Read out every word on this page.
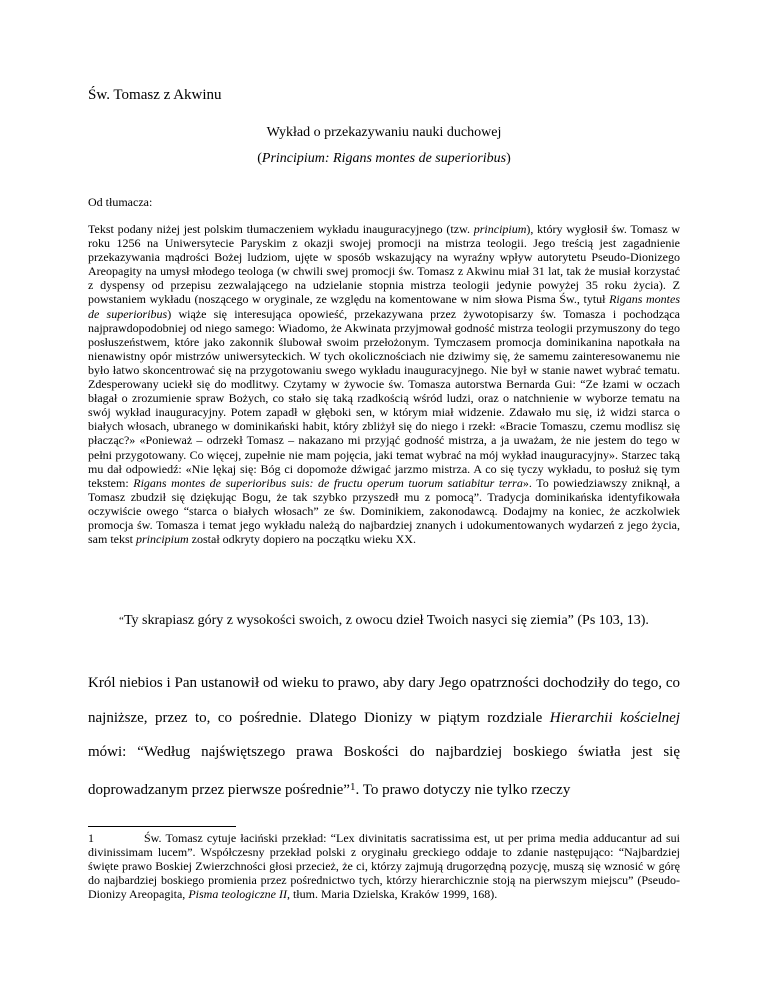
Św. Tomasz z Akwinu
Wykład o przekazywaniu nauki duchowej
(Principium: Rigans montes de superioribus)
Od tłumacza:
Tekst podany niżej jest polskim tłumaczeniem wykładu inauguracyjnego (tzw. principium), który wygłosił św. Tomasz w roku 1256 na Uniwersytecie Paryskim z okazji swojej promocji na mistrza teologii. Jego treścią jest zagadnienie przekazywania mądrości Bożej ludziom, ujęte w sposób wskazujący na wyraźny wpływ autorytetu Pseudo-Dionizego Areopagity na umysł młodego teologa (w chwili swej promocji św. Tomasz z Akwinu miał 31 lat, tak że musiał korzystać z dyspensy od przepisu zezwalającego na udzielanie stopnia mistrza teologii jedynie powyżej 35 roku życia). Z powstaniem wykładu (noszącego w oryginale, ze względu na komentowane w nim słowa Pisma Św., tytuł Rigans montes de superioribus) wiąże się interesująca opowieść, przekazywana przez żywotopisarzy św. Tomasza i pochodząca najprawdopodobniej od niego samego: Wiadomo, że Akwinata przyjmował godność mistrza teologii przymuszony do tego posłuszeństwem, które jako zakonnik ślubował swoim przełożonym. Tymczasem promocja dominikanina napotkała na nienawistny opór mistrzów uniwersyteckich. W tych okolicznościach nie dziwimy się, że samemu zainteresowanemu nie było łatwo skoncentrować się na przygotowaniu swego wykładu inauguracyjnego. Nie był w stanie nawet wybrać tematu. Zdesperowany uciekł się do modlitwy. Czytamy w żywocie św. Tomasza autorstwa Bernarda Gui: “Ze łzami w oczach błagał o zrozumienie spraw Bożych, co stało się taką rzadkością wśród ludzi, oraz o natchnienie w wyborze tematu na swój wykład inauguracyjny. Potem zapadł w głęboki sen, w którym miał widzenie. Zdawało mu się, iż widzi starca o białych włosach, ubranego w dominikański habit, który zbliżył się do niego i rzekł: «Bracie Tomaszu, czemu modlisz się płacząc?» «Ponieważ – odrzekł Tomasz – nakazano mi przyjąć godność mistrza, a ja uważam, że nie jestem do tego w pełni przygotowany. Co więcej, zupełnie nie mam pojęcia, jaki temat wybrać na mój wykład inauguracyjny». Starzec taką mu dał odpowiedź: «Nie lękaj się: Bóg ci dopomoże dźwigać jarzmo mistrza. A co się tyczy wykładu, to posłuż się tym tekstem: Rigans montes de superioribus suis: de fructu operum tuorum satiabitur terra». To powiedziawszy zniknął, a Tomasz zbudził się dziękując Bogu, że tak szybko przyszedł mu z pomocą”. Tradycja dominikańska identyfikowała oczywiście owego “starca o białych włosach” ze św. Dominikiem, zakonodawcą. Dodajmy na koniec, że aczkolwiek promocja św. Tomasza i temat jego wykładu należą do najbardziej znanych i udokumentowanych wydarzeń z jego życia, sam tekst principium został odkryty dopiero na początku wieku XX.
“Ty skrapiasz góry z wysokości swoich, z owocu dzieł Twoich nasyci się ziemia” (Ps 103, 13).
Król niebios i Pan ustanowił od wieku to prawo, aby dary Jego opatrzności dochodziły do tego, co najniższe, przez to, co pośrednie. Dlatego Dionizy w piątym rozdziale Hierarchii kościelnej mówi: “Według najświętszego prawa Boskości do najbardziej boskiego światła jest się doprowadzanym przez pierwsze pośrednie”$^1$. To prawo dotyczy nie tylko rzeczy
1	Św. Tomasz cytuje łaciński przekład: “Lex divinitatis sacratissima est, ut per prima media adducantur ad sui divinissimam lucem”. Współczesny przekład polski z oryginału greckiego oddaje to zdanie następująco: “Najbardziej święte prawo Boskiej Zwierzchności głosi przecież, że ci, którzy zajmują drugorzędną pozycję, muszą się wznosić w górę do najbardziej boskiego promienia przez pośrednictwo tych, którzy hierarchicznie stoją na pierwszym miejscu” (Pseudo-Dionizy Areopagita, Pisma teologiczne II, tłum. Maria Dzielska, Kraków 1999, 168).
